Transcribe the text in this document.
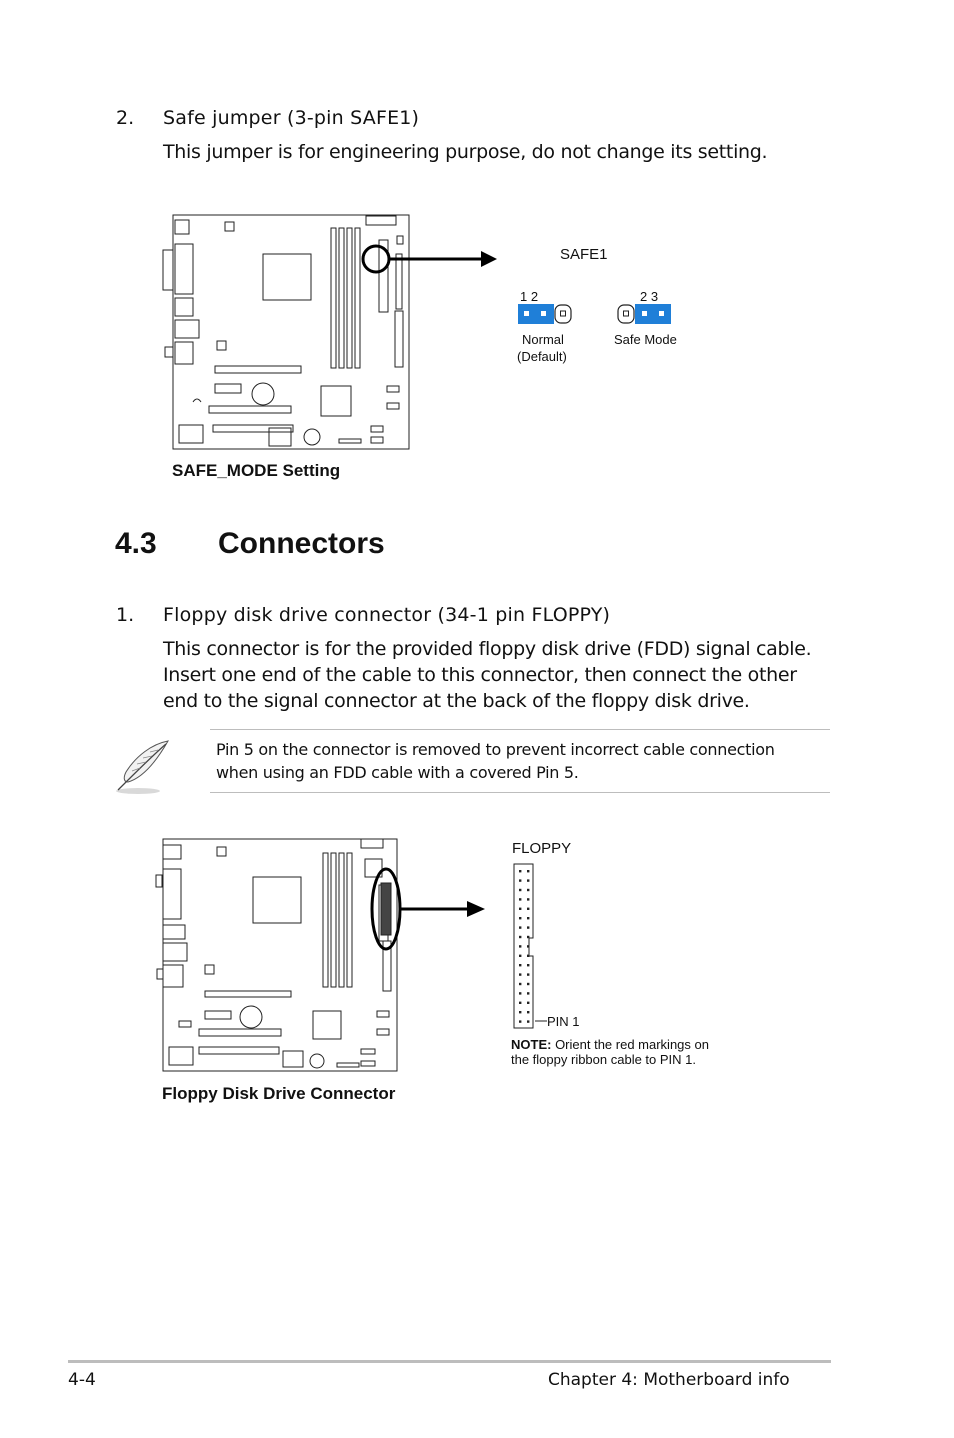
2. Safe jumper (3-pin SAFE1)
This jumper is for engineering purpose, do not change its setting.
SAFE1
1 2	2 3
Normal
(Default)
Safe Mode
SAFE_MODE Setting
4.3 Connectors
1. Floppy disk drive connector (34-1 pin FLOPPY)
This connector is for the provided floppy disk drive (FDD) signal cable.
Insert one end of the cable to this connector, then connect the other
end to the signal connector at the back of the floppy disk drive.
Pin 5 on the connector is removed to prevent incorrect cable connection
when using an FDD cable with a covered Pin 5.
FLOPPY
PIN 1
NOTE: Orient the red markings on
the floppy ribbon cable to PIN 1.
Floppy Disk Drive Connector
4-4	Chapter 4: Motherboard info
